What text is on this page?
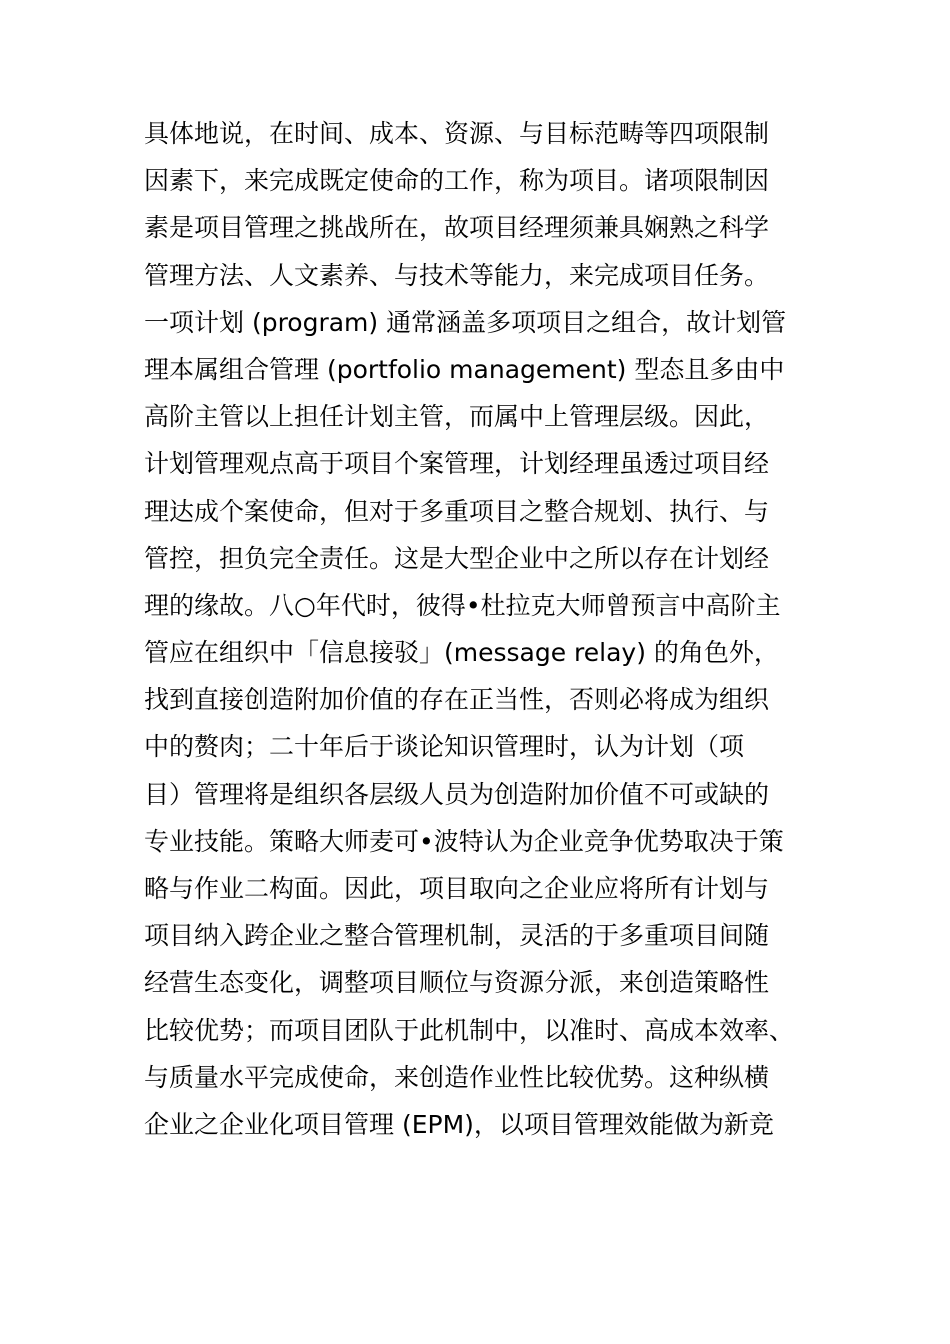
具体地说，在时间、成本、资源、与目标范畴等四项限制
因素下，来完成既定使命的工作，称为项目。诸项限制因
素是项目管理之挑战所在，故项目经理须兼具娴熟之科学
管理方法、人文素养、与技术等能力，来完成项目任务。
一项计划 (program) 通常涵盖多项项目之组合，故计划管
理本属组合管理 (portfolio management) 型态且多由中
高阶主管以上担任计划主管，而属中上管理层级。因此，
计划管理观点高于项目个案管理，计划经理虽透过项目经
理达成个案使命，但对于多重项目之整合规划、执行、与
管控，担负完全责任。这是大型企业中之所以存在计划经
理的缘故。八○年代时，彼得•杜拉克大师曾预言中高阶主
管应在组织中「信息接驳」(message relay) 的角色外，
找到直接创造附加价值的存在正当性，否则必将成为组织
中的赘肉；二十年后于谈论知识管理时，认为计划（项
目）管理将是组织各层级人员为创造附加价值不可或缺的
专业技能。策略大师麦可•波特认为企业竞争优势取决于策
略与作业二构面。因此，项目取向之企业应将所有计划与
项目纳入跨企业之整合管理机制，灵活的于多重项目间随
经营生态变化，调整项目顺位与资源分派，来创造策略性
比较优势；而项目团队于此机制中，以准时、高成本效率、
与质量水平完成使命，来创造作业性比较优势。这种纵横
企业之企业化项目管理 (EPM)，以项目管理效能做为新竞
